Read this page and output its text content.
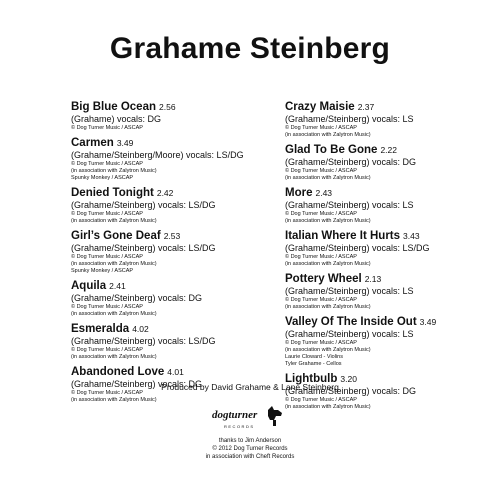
Grahame Steinberg
Big Blue Ocean 2.56
(Grahame) vocals: DG
© Dog Turner Music / ASCAP
Carmen 3.49
(Grahame/Steinberg/Moore) vocals: LS/DG
© Dog Turner Music / ASCAP
(in association with Zalytron Music)
Spunky Monkey / ASCAP
Denied Tonight 2.42
(Grahame/Steinberg) vocals: LS/DG
© Dog Turner Music / ASCAP
(in association with Zalytron Music)
Girl’s Gone Deaf 2.53
(Grahame/Steinberg) vocals: LS/DG
© Dog Turner Music / ASCAP
(in association with Zalytron Music)
Spunky Monkey / ASCAP
Aquila 2.41
(Grahame/Steinberg) vocals: DG
© Dog Turner Music / ASCAP
(in association with Zalytron Music)
Esmeralda 4.02
(Grahame/Steinberg) vocals: LS/DG
© Dog Turner Music / ASCAP
(in association with Zalytron Music)
Abandoned Love 4.01
(Grahame/Steinberg) vocals: DG
© Dog Turner Music / ASCAP
(in association with Zalytron Music)
Crazy Maisie 2.37
(Grahame/Steinberg) vocals: LS
© Dog Turner Music / ASCAP
(in association with Zalytron Music)
Glad To Be Gone 2.22
(Grahame/Steinberg) vocals: DG
© Dog Turner Music / ASCAP
(in association with Zalytron Music)
More 2.43
(Grahame/Steinberg) vocals: LS
© Dog Turner Music / ASCAP
(in association with Zalytron Music)
Italian Where It Hurts 3.43
(Grahame/Steinberg) vocals: LS/DG
© Dog Turner Music / ASCAP
(in association with Zalytron Music)
Pottery Wheel 2.13
(Grahame/Steinberg) vocals: LS
© Dog Turner Music / ASCAP
(in association with Zalytron Music)
Valley Of The Inside Out 3.49
(Grahame/Steinberg) vocals: LS
© Dog Turner Music / ASCAP
(in association with Zalytron Music)
Laurie Cloward - Violins
Tyler Grahame - Cellos
Lightbulb 3.20
(Grahame/Steinberg) vocals: DG
© Dog Turner Music / ASCAP
(in association with Zalytron Music)
Produced by David Grahame & Lane Steinberg
dogturner
RECORDS
thanks to Jim Anderson
© 2012 Dog Turner Records
in association with Cheft Records
